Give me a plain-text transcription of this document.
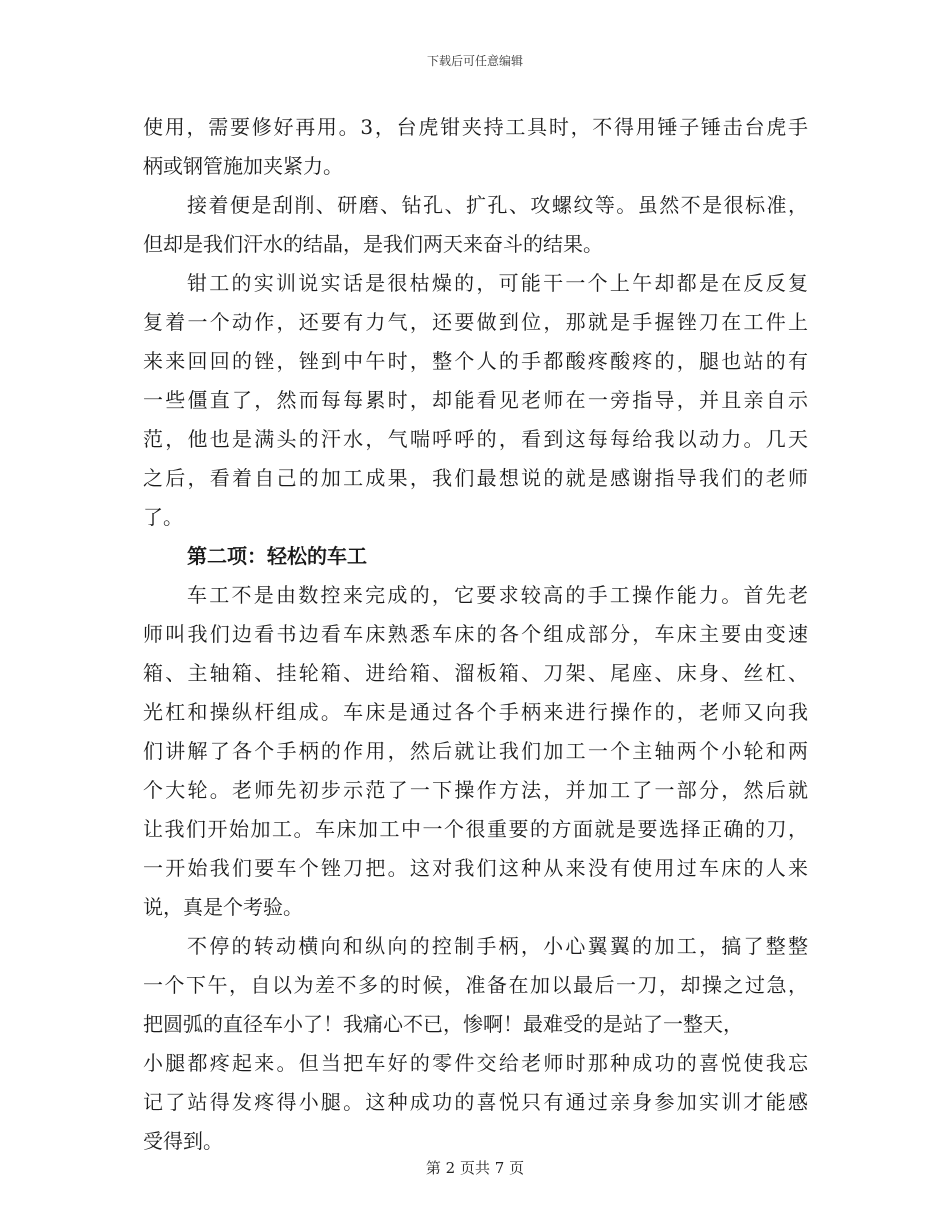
下载后可任意编辑
使用，需要修好再用。3，台虎钳夹持工具时，不得用锤子锤击台虎手
柄或钢管施加夹紧力。
接着便是刮削、研磨、钻孔、扩孔、攻螺纹等。虽然不是很标准，
但却是我们汗水的结晶，是我们两天来奋斗的结果。
钳工的实训说实话是很枯燥的，可能干一个上午却都是在反反复
复着一个动作，还要有力气，还要做到位，那就是手握锉刀在工件上
来来回回的锉，锉到中午时，整个人的手都酸疼酸疼的，腿也站的有
一些僵直了，然而每每累时，却能看见老师在一旁指导，并且亲自示
范，他也是满头的汗水，气喘呼呼的，看到这每每给我以动力。几天
之后，看着自己的加工成果，我们最想说的就是感谢指导我们的老师
了。
第二项：轻松的车工
车工不是由数控来完成的，它要求较高的手工操作能力。首先老
师叫我们边看书边看车床熟悉车床的各个组成部分，车床主要由变速
箱、主轴箱、挂轮箱、进给箱、溜板箱、刀架、尾座、床身、丝杠、
光杠和操纵杆组成。车床是通过各个手柄来进行操作的，老师又向我
们讲解了各个手柄的作用，然后就让我们加工一个主轴两个小轮和两
个大轮。老师先初步示范了一下操作方法，并加工了一部分，然后就
让我们开始加工。车床加工中一个很重要的方面就是要选择正确的刀，
一开始我们要车个锉刀把。这对我们这种从来没有使用过车床的人来
说，真是个考验。
不停的转动横向和纵向的控制手柄，小心翼翼的加工，搞了整整
一个下午，自以为差不多的时候，准备在加以最后一刀，却操之过急，
把圆弧的直径车小了！我痛心不已，惨啊！最难受的是站了一整天，
小腿都疼起来。但当把车好的零件交给老师时那种成功的喜悦使我忘
记了站得发疼得小腿。这种成功的喜悦只有通过亲身参加实训才能感
受得到。
第 2 页共 7 页
